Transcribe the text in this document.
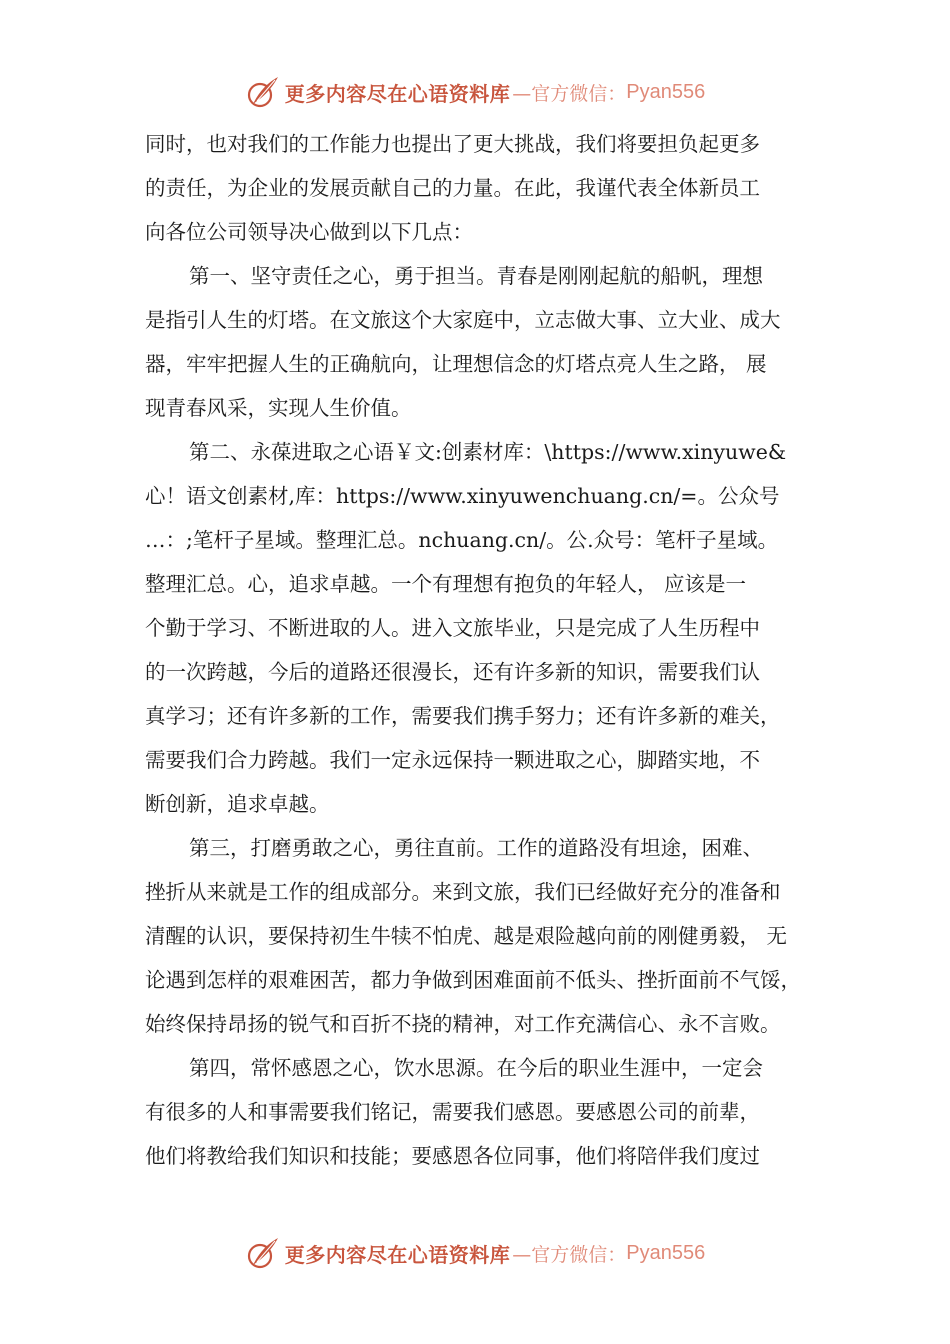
更多内容尽在心语资料库 —官方微信： Pyan556
同时，也对我们的工作能力也提出了更大挑战，我们将要担负起更多
的责任，为企业的发展贡献自己的力量。在此，我谨代表全体新员工
向各位公司领导决心做到以下几点：
第一、坚守责任之心，勇于担当。青春是刚刚起航的船帆，理想
是指引人生的灯塔。在文旅这个大家庭中，立志做大事、立大业、成大
器，牢牢把握人生的正确航向，让理想信念的灯塔点亮人生之路， 展
现青春风采，实现人生价值。
第二、永葆进取之心语￥文:创素材库：\https://www.xinyuwe&
心！语文创素材,库：https://www.xinyuwenchuang.cn/=。公众号
…：;笔杆子星域。整理汇总。nchuang.cn/。公.众号：笔杆子星域。
整理汇总。心，追求卓越。一个有理想有抱负的年轻人， 应该是一
个勤于学习、不断进取的人。进入文旅毕业，只是完成了人生历程中
的一次跨越，今后的道路还很漫长，还有许多新的知识，需要我们认
真学习；还有许多新的工作，需要我们携手努力；还有许多新的难关，
需要我们合力跨越。我们一定永远保持一颗进取之心，脚踏实地，不
断创新，追求卓越。
第三，打磨勇敢之心，勇往直前。工作的道路没有坦途，困难、
挫折从来就是工作的组成部分。来到文旅，我们已经做好充分的准备和
清醒的认识，要保持初生牛犊不怕虎、越是艰险越向前的刚健勇毅， 无
论遇到怎样的艰难困苦，都力争做到困难面前不低头、挫折面前不气馁，
始终保持昂扬的锐气和百折不挠的精神，对工作充满信心、永不言败。
第四，常怀感恩之心，饮水思源。在今后的职业生涯中，一定会
有很多的人和事需要我们铭记，需要我们感恩。要感恩公司的前辈，
他们将教给我们知识和技能；要感恩各位同事，他们将陪伴我们度过
更多内容尽在心语资料库 —官方微信： Pyan556
